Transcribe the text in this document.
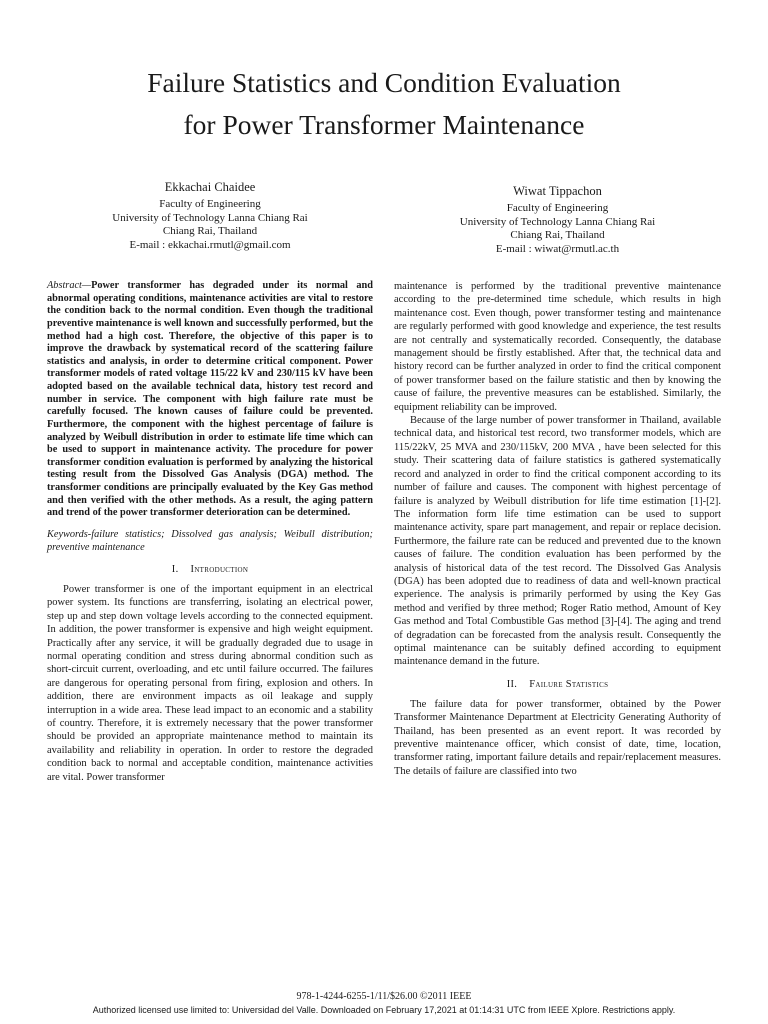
Failure Statistics and Condition Evaluation
for Power Transformer Maintenance
Ekkachai Chaidee
Faculty of Engineering
University of Technology Lanna Chiang Rai
Chiang Rai, Thailand
E-mail : ekkachai.rmutl@gmail.com
Wiwat Tippachon
Faculty of Engineering
University of Technology Lanna Chiang Rai
Chiang Rai, Thailand
E-mail : wiwat@rmutl.ac.th

Abstract—Power transformer has degraded under its normal and abnormal operating conditions, maintenance activities are vital to restore the condition back to the normal condition. Even though the traditional preventive maintenance is well known and successfully performed, but the method had a high cost. Therefore, the objective of this paper is to improve the drawback by systematical record of the scattering failure statistics and analysis, in order to determine critical component. Power transformer models of rated voltage 115/22 kV and 230/115 kV have been adopted based on the available technical data, history test record and number in service. The component with high failure rate must be carefully focused. The known causes of failure could be prevented. Furthermore, the component with the highest percentage of failure is analyzed by Weibull distribution in order to estimate life time which can be used to support in maintenance activity. The procedure for power transformer condition evaluation is performed by analyzing the historical testing result from the Dissolved Gas Analysis (DGA) method. The transformer conditions are principally evaluated by the Key Gas method and then verified with the other methods. As a result, the aging pattern and trend of the power transformer deterioration can be determined.

Keywords-failure statistics; Dissolved gas analysis; Weibull distribution; preventive maintenance

I. Introduction

Power transformer is one of the important equipment in an electrical power system. Its functions are transferring, isolating an electrical power, step up and step down voltage levels according to the connected equipment. In addition, the power transformer is expensive and high weight equipment. Practically after any service, it will be gradually degraded due to usage in normal operating condition and stress during abnormal condition such as short-circuit current, overloading, and etc until failure occurred. The failures are dangerous for operating personal from firing, explosion and others. In addition, there are environment impacts as oil leakage and supply interruption in a wide area. These lead impact to an economic and a stability of country. Therefore, it is extremely necessary that the power transformer should be provided an appropriate maintenance method to maintain its availability and reliability in operation. In order to restore the degraded condition back to normal and acceptable condition, maintenance activities are vital. Power transformer

maintenance is performed by the traditional preventive maintenance according to the pre-determined time schedule, which results in high maintenance cost. Even though, power transformer testing and maintenance are regularly performed with good knowledge and experience, the test results are not centrally and systematically recorded. Consequently, the database management should be firstly established. After that, the technical data and history record can be further analyzed in order to find the critical component of power transformer based on the failure statistic and then by knowing the cause of failure, the preventive measures can be established. Similarly, the equipment reliability can be improved.

Because of the large number of power transformer in Thailand, available technical data, and historical test record, two transformer models, which are 115/22kV, 25 MVA and 230/115kV, 200 MVA , have been selected for this study. Their scattering data of failure statistics is gathered systematically record and analyzed in order to find the critical component according to its number of failure and causes. The component with highest percentage of failure is analyzed by Weibull distribution for life time estimation [1]-[2]. The information form life time estimation can be used to support maintenance activity, spare part management, and repair or replace decision. Furthermore, the failure rate can be reduced and prevented due to the known causes of failure. The condition evaluation has been performed by the analysis of historical data of the test record. The Dissolved Gas Analysis (DGA) has been adopted due to readiness of data and well-known practical experience. The analysis is primarily performed by using the Key Gas method and verified by three method; Roger Ratio method, Amount of Key Gas method and Total Combustible Gas method [3]-[4]. The aging and trend of degradation can be forecasted from the analysis result. Consequently the optimal maintenance can be suitably defined according to equipment maintenance demand in the future.

II. Failure Statistics

The failure data for power transformer, obtained by the Power Transformer Maintenance Department at Electricity Generating Authority of Thailand, has been presented as an event report. It was recorded by preventive maintenance officer, which consist of date, time, location, transformer rating, important failure details and repair/replacement measures. The details of failure are classified into two

978-1-4244-6255-1/11/$26.00 ©2011 IEEE

Authorized licensed use limited to: Universidad del Valle. Downloaded on February 17,2021 at 01:14:31 UTC from IEEE Xplore. Restrictions apply.
